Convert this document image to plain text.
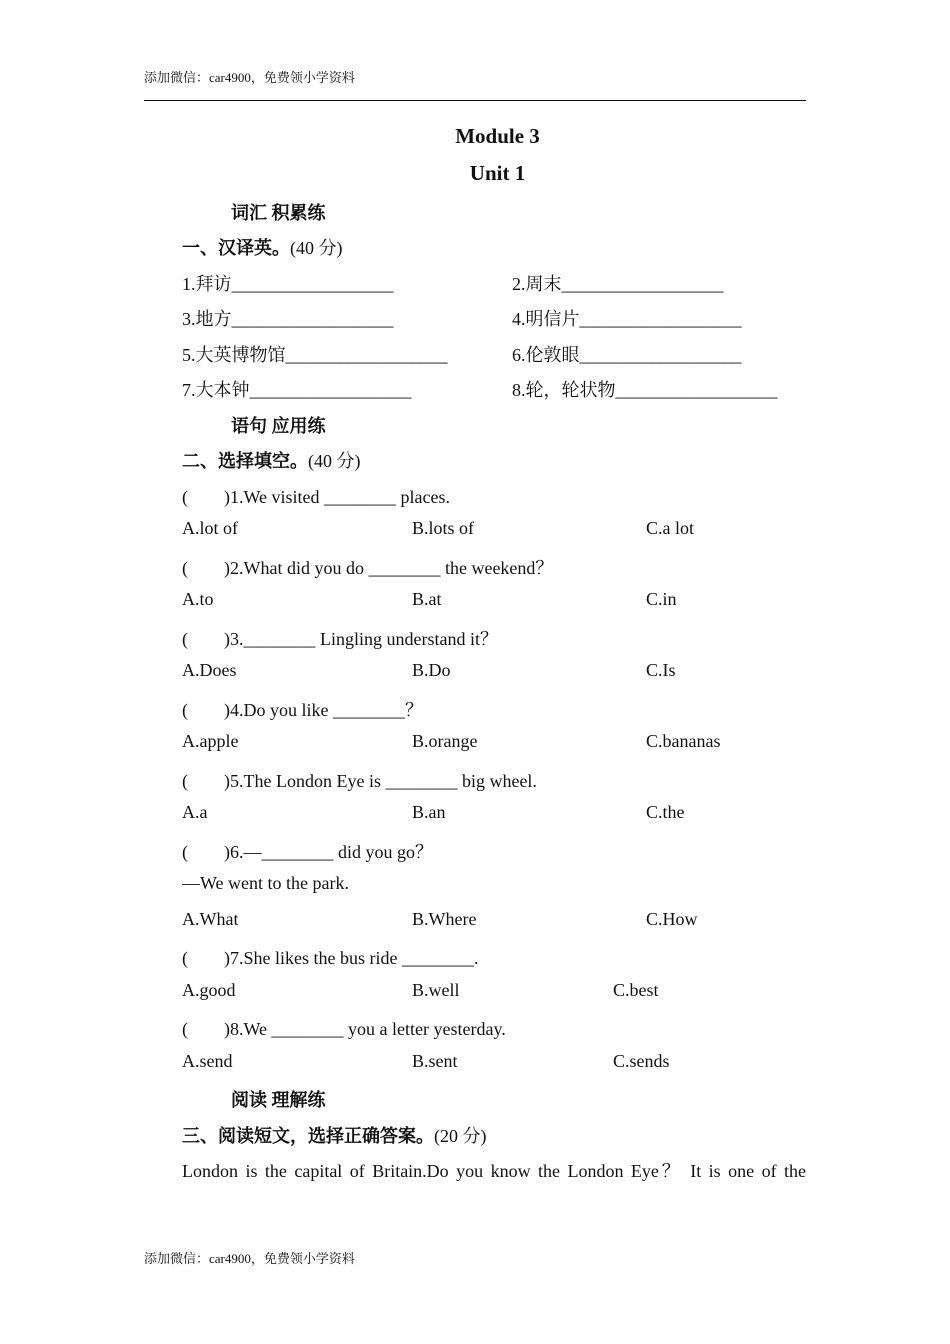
添加微信：car4900，免费领小学资料
Module 3
Unit 1
词汇 积累练
一、汉译英。(40 分)
1.拜访__________________	2.周末__________________
3.地方__________________	4.明信片__________________
5.大英博物馆__________________	6.伦敦眼__________________
7.大本钟__________________	8.轮，轮状物__________________
语句 应用练
二、选择填空。(40 分)
(　　)1.We visited ________ places.
A.lot of	B.lots of	C.a lot
(　　)2.What did you do ________ the weekend？
A.to	B.at	C.in
(　　)3.________ Lingling understand it？
A.Does	B.Do	C.Is
(　　)4.Do you like ________？
A.apple	B.orange	C.bananas
(　　)5.The London Eye is ________ big wheel.
A.a	B.an	C.the
(　　)6.—________ did you go？
—We went to the park.
A.What	B.Where	C.How
(　　)7.She likes the bus ride ________.
A.good	B.well	C.best
(　　)8.We ________ you a letter yesterday.
A.send	B.sent	C.sends
阅读 理解练
三、阅读短文，选择正确答案。(20 分)
London is the capital of Britain.Do you know the London Eye？ It is one of the
添加微信：car4900，免费领小学资料
